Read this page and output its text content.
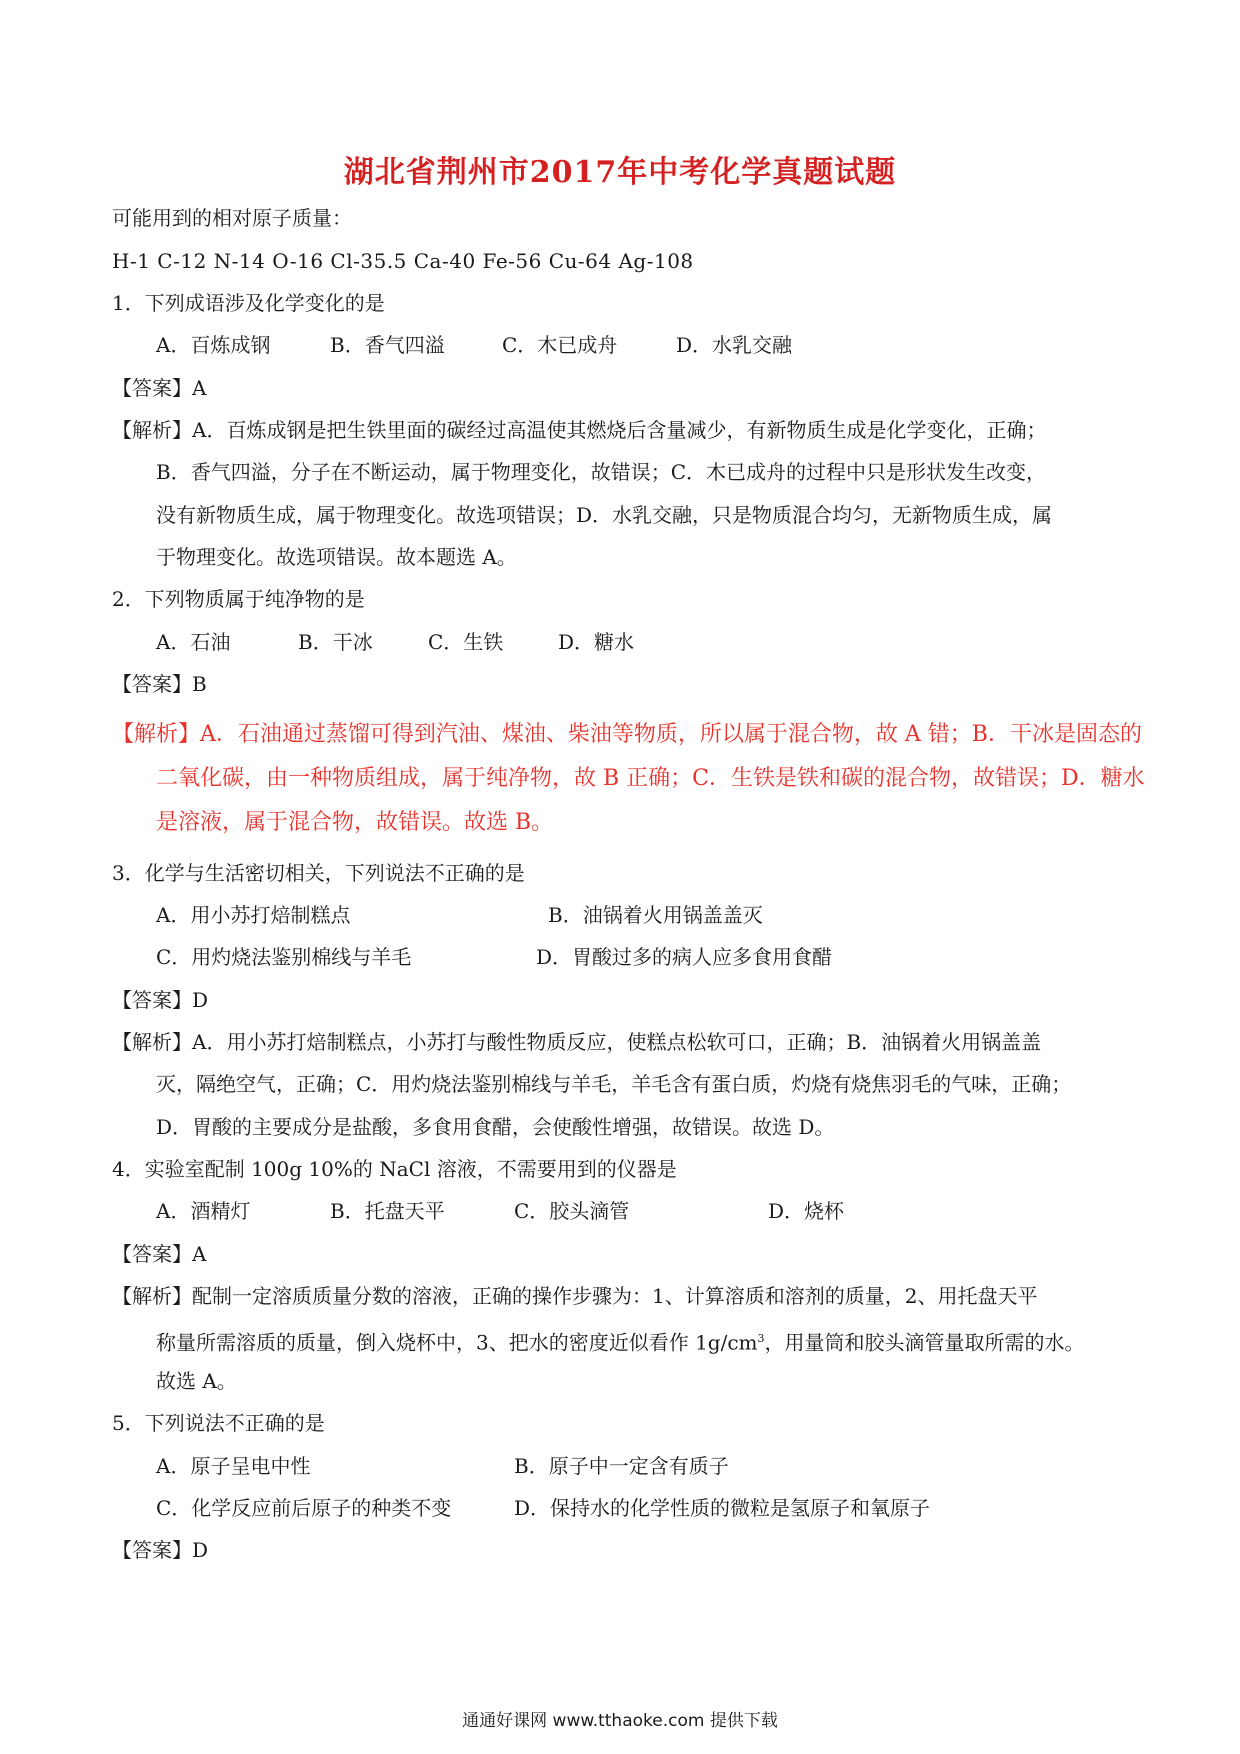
湖北省荆州市2017年中考化学真题试题

可能用到的相对原子质量：

H-1 C-12 N-14 O-16 Cl-35.5 Ca-40 Fe-56 Cu-64 Ag-108

1．下列成语涉及化学变化的是

A．百炼成钢	B．香气四溢	C．木已成舟	D．水乳交融

【答案】A

【解析】A．百炼成钢是把生铁里面的碳经过高温使其燃烧后含量减少，有新物质生成是化学变化，正确；

B．香气四溢，分子在不断运动，属于物理变化，故错误；C．木已成舟的过程中只是形状发生改变，

没有新物质生成，属于物理变化。故选项错误；D．水乳交融，只是物质混合均匀，无新物质生成，属

于物理变化。故选项错误。故本题选 A。

2．下列物质属于纯净物的是

A．石油	B．干冰	C．生铁	D．糖水

【答案】B

【解析】A．石油通过蒸馏可得到汽油、煤油、柴油等物质，所以属于混合物，故 A 错；B．干冰是固态的

二氧化碳，由一种物质组成，属于纯净物，故 B 正确；C．生铁是铁和碳的混合物，故错误；D．糖水

是溶液，属于混合物，故错误。故选 B。

3．化学与生活密切相关，下列说法不正确的是

A．用小苏打焙制糕点	B．油锅着火用锅盖盖灭
C．用灼烧法鉴别棉线与羊毛	D．胃酸过多的病人应多食用食醋

【答案】D

【解析】A．用小苏打焙制糕点，小苏打与酸性物质反应，使糕点松软可口，正确；B．油锅着火用锅盖盖

灭，隔绝空气，正确；C．用灼烧法鉴别棉线与羊毛，羊毛含有蛋白质，灼烧有烧焦羽毛的气味，正确；

D．胃酸的主要成分是盐酸，多食用食醋，会使酸性增强，故错误。故选 D。

4．实验室配制 100g 10%的 NaCl 溶液，不需要用到的仪器是

A．酒精灯	B．托盘天平	C．胶头滴管	D．烧杯

【答案】A

【解析】配制一定溶质质量分数的溶液，正确的操作步骤为：1、计算溶质和溶剂的质量，2、用托盘天平

称量所需溶质的质量，倒入烧杯中，3、把水的密度近似看作 $1g/cm^3$，用量筒和胶头滴管量取所需的水。

故选 A。

5．下列说法不正确的是

A．原子呈电中性	B．原子中一定含有质子
C．化学反应前后原子的种类不变	D．保持水的化学性质的微粒是氢原子和氧原子

【答案】D

通通好课网 www.tthaoke.com 提供下载
